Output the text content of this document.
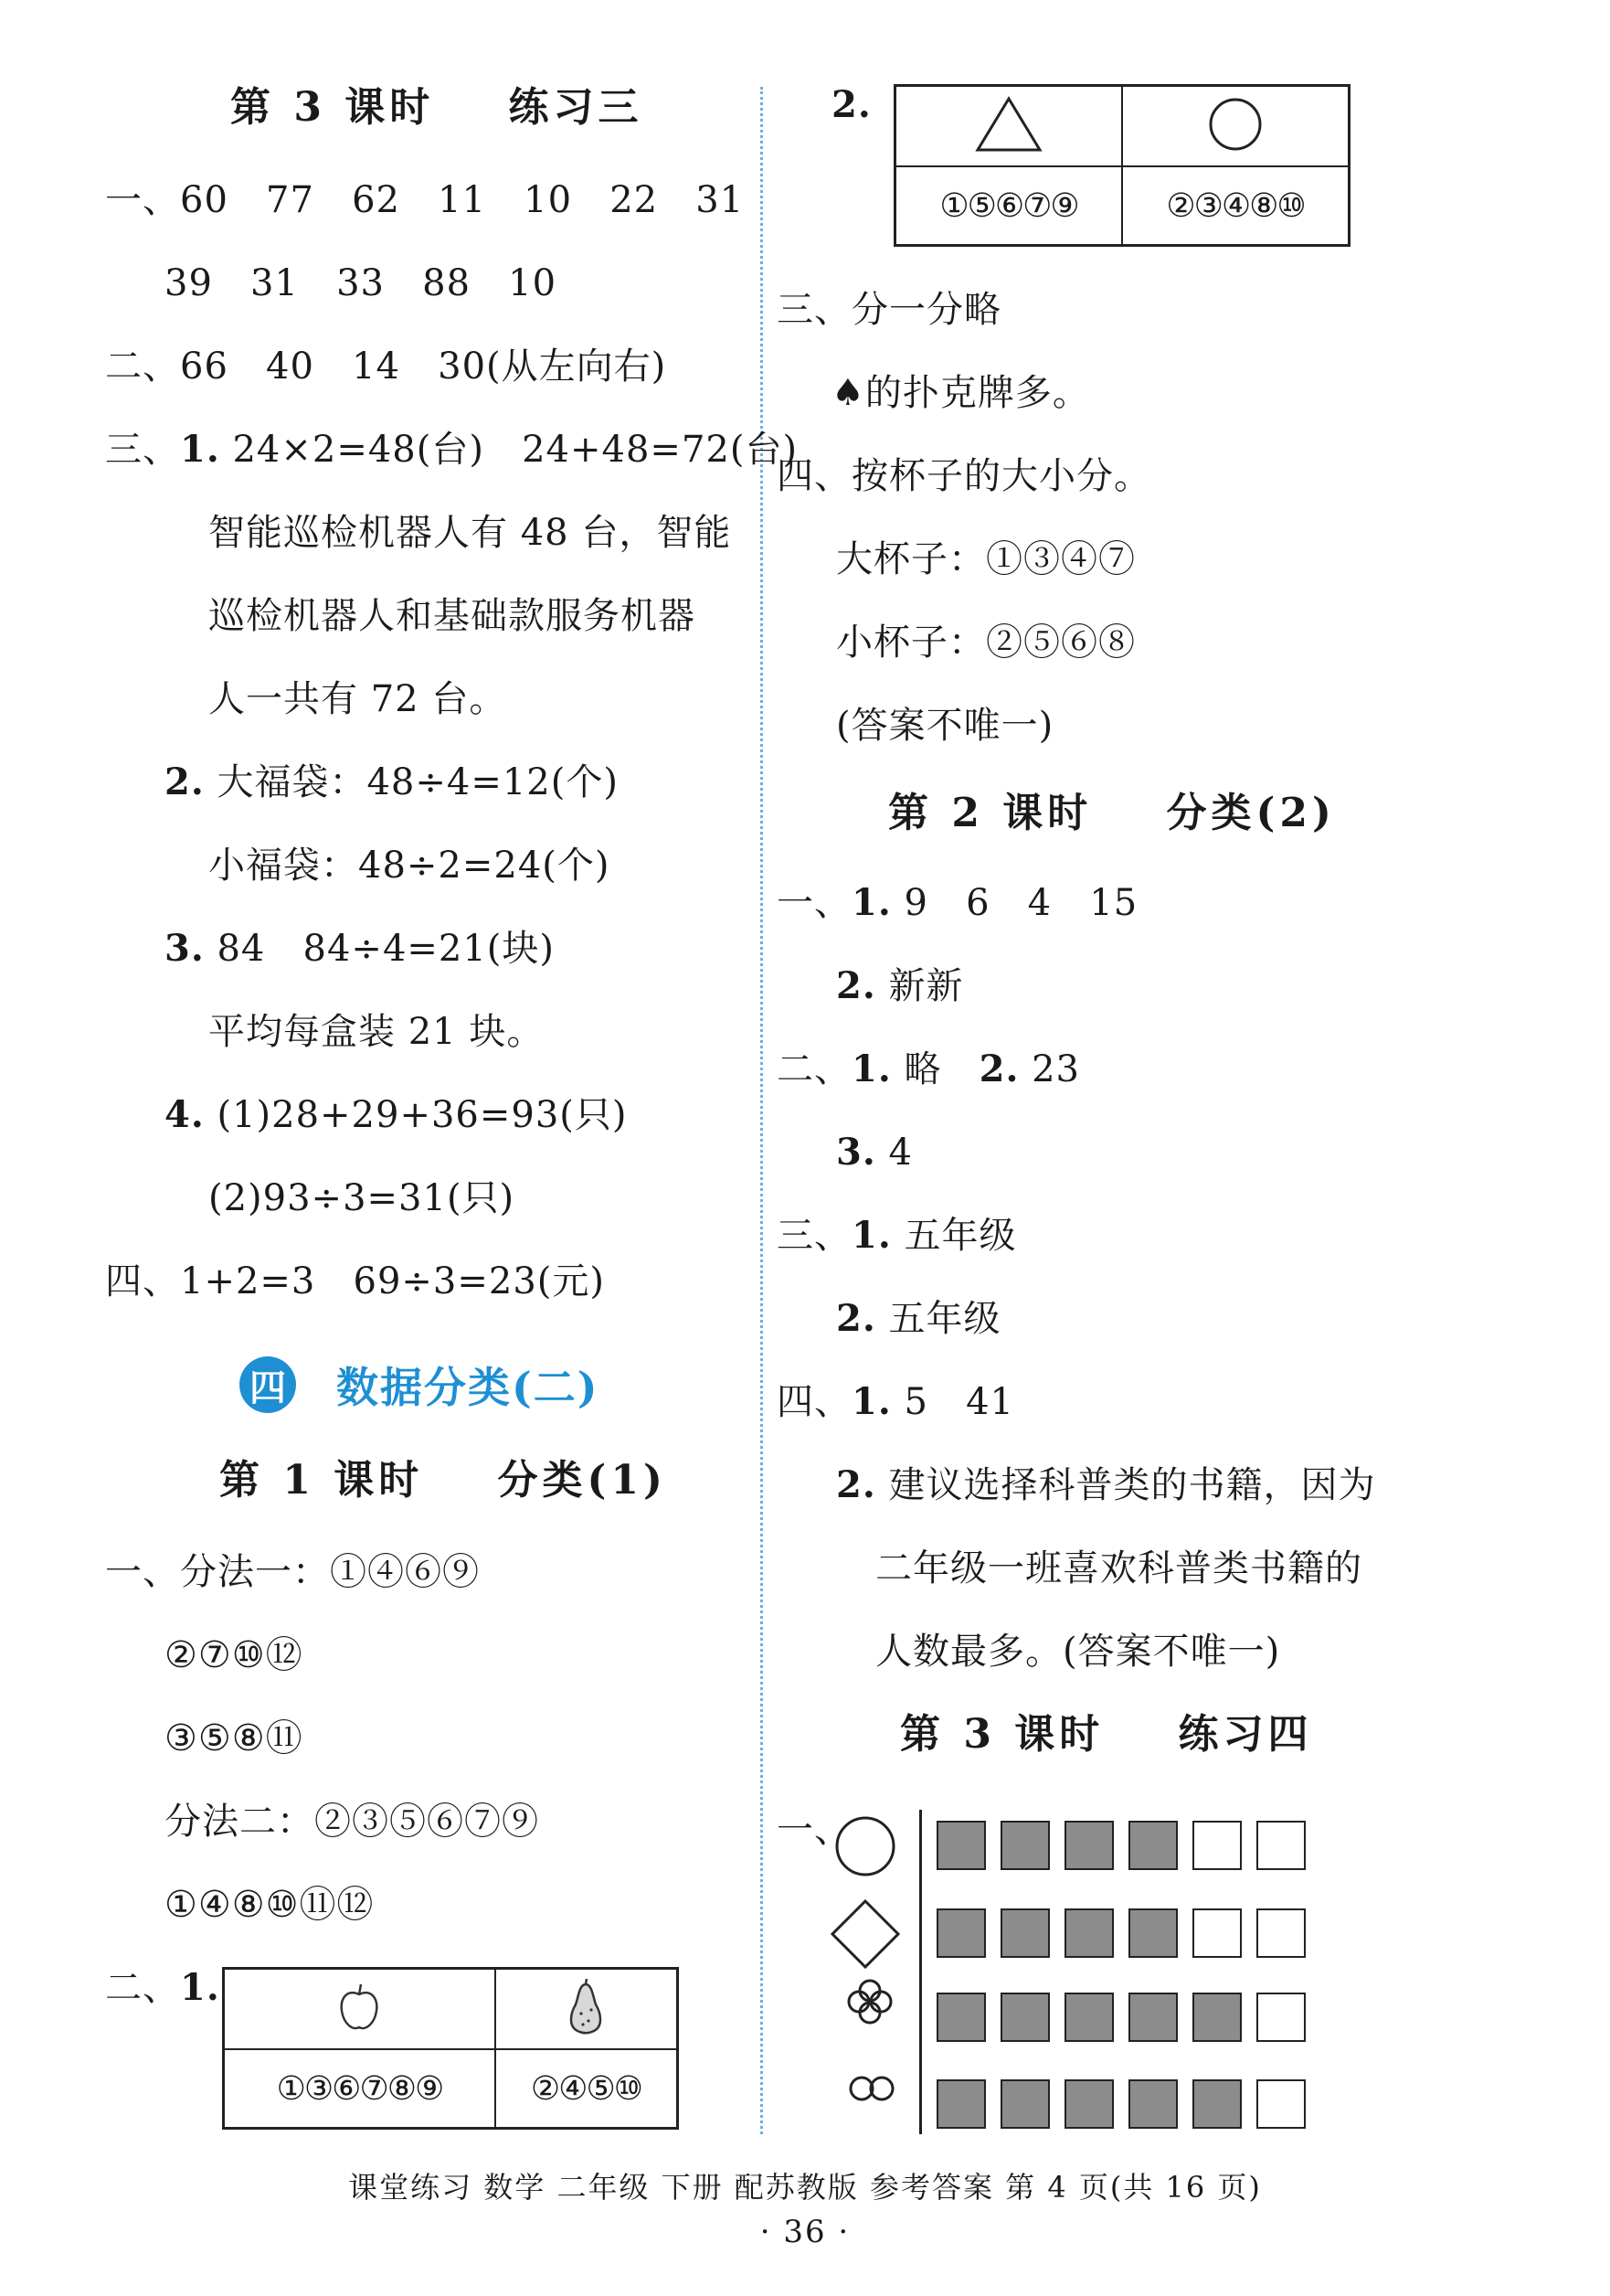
第 3 课时    练习三
一、60   77   62   11   10   22   31
39   31   33   88   10
二、66   40   14   30(从左向右)
三、1. 24×2=48(台)   24+48=72(台)
智能巡检机器人有 48 台，智能
巡检机器人和基础款服务机器
人一共有 72 台。
2. 大福袋：48÷4=12(个)
小福袋：48÷2=24(个)
3. 84   84÷4=21(块)
平均每盒装 21 块。
4. (1)28+29+36=93(只)
(2)93÷3=31(只)
四、1+2=3   69÷3=23(元)
四 数据分类(二)
第 1 课时    分类(1)
一、分法一：①④⑥⑨
②⑦⑩⑫
③⑤⑧⑪
分法二：②③⑤⑥⑦⑨
①④⑧⑩⑪⑫
二、1.

①③⑥⑦⑧⑨	②④⑤⑩
2.

①⑤⑥⑦⑨	②③④⑧⑩
三、分一分略
♠的扑克牌多。
四、按杯子的大小分。
大杯子：①③④⑦
小杯子：②⑤⑥⑧
(答案不唯一)
第 2 课时    分类(2)
一、1. 9   6   4   15
2. 新新
二、1. 略   2. 23
3. 4
三、1. 五年级
2. 五年级
四、1. 5   41
2. 建议选择科普类的书籍，因为
二年级一班喜欢科普类书籍的
人数最多。(答案不唯一)
第 3 课时    练习四
一、
课堂练习 数学 二年级 下册 配苏教版 参考答案 第 4 页(共 16 页)
· 36 ·
